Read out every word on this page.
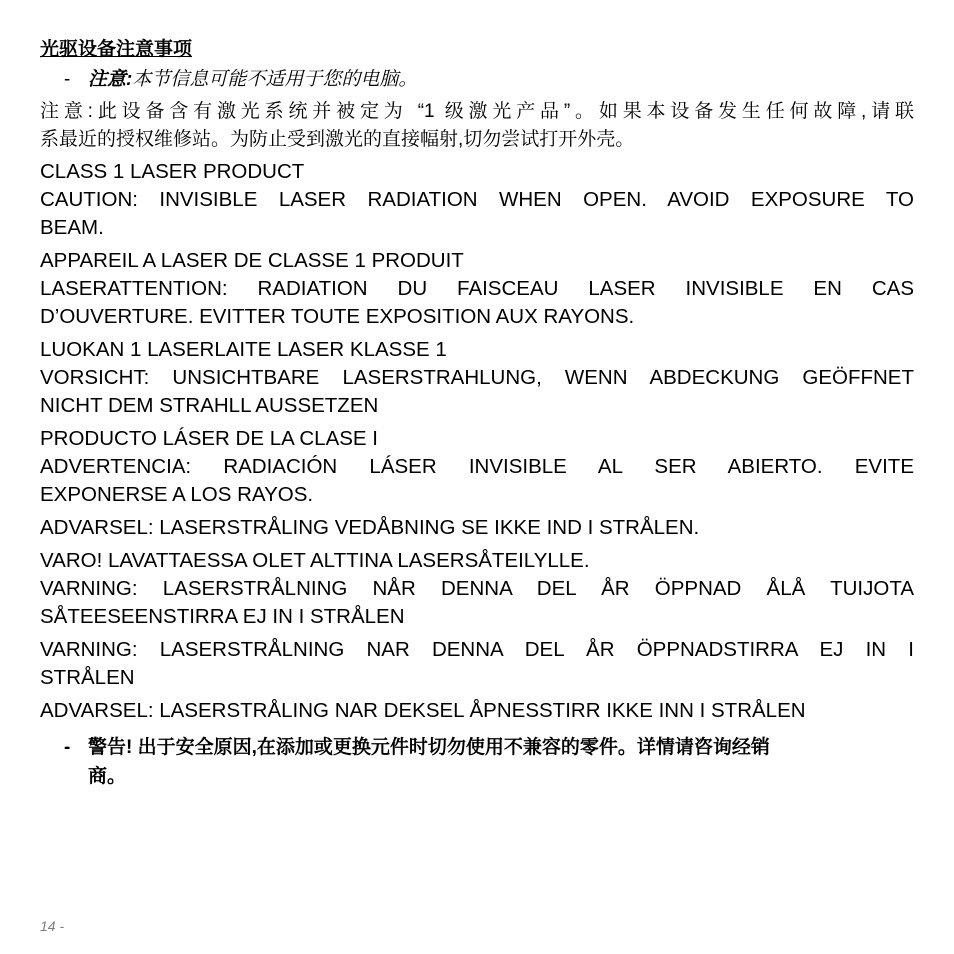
光驱设备注意事项
- 注意:本节信息可能不适用于您的电脑。
注意:此设备含有激光系统并被定为 “1 级激光产品”。如果本设备发生任何故障,请联
系最近的授权维修站。为防止受到激光的直接幅射,切勿尝试打开外壳。
CLASS 1 LASER PRODUCT
CAUTION: INVISIBLE LASER RADIATION WHEN OPEN. AVOID EXPOSURE TO
BEAM.
APPAREIL A LASER DE CLASSE 1 PRODUIT
LASERATTENTION: RADIATION DU FAISCEAU LASER INVISIBLE EN CAS
D’OUVERTURE. EVITTER TOUTE EXPOSITION AUX RAYONS.
LUOKAN 1 LASERLAITE LASER KLASSE 1
VORSICHT: UNSICHTBARE LASERSTRAHLUNG, WENN ABDECKUNG GEÖFFNET
NICHT DEM STRAHLL AUSSETZEN
PRODUCTO LÁSER DE LA CLASE I
ADVERTENCIA: RADIACIÓN LÁSER INVISIBLE AL SER ABIERTO. EVITE
EXPONERSE A LOS RAYOS.
ADVARSEL: LASERSTRÅLING VEDÅBNING SE IKKE IND I STRÅLEN.
VARO! LAVATTAESSA OLET ALTTINA LASERSÅTEILYLLE.
VARNING: LASERSTRÅLNING NÅR DENNA DEL ÅR ÖPPNAD ÅLÅ TUIJOTA
SÅTEESEENSTIRRA EJ IN I STRÅLEN
VARNING: LASERSTRÅLNING NAR DENNA DEL ÅR ÖPPNADSTIRRA EJ IN I
STRÅLEN
ADVARSEL: LASERSTRÅLING NAR DEKSEL ÅPNESSTIRR IKKE INN I STRÅLEN
- 警告! 出于安全原因,在添加或更换元件时切勿使用不兼容的零件。详情请咨询经销
商。
14 -
